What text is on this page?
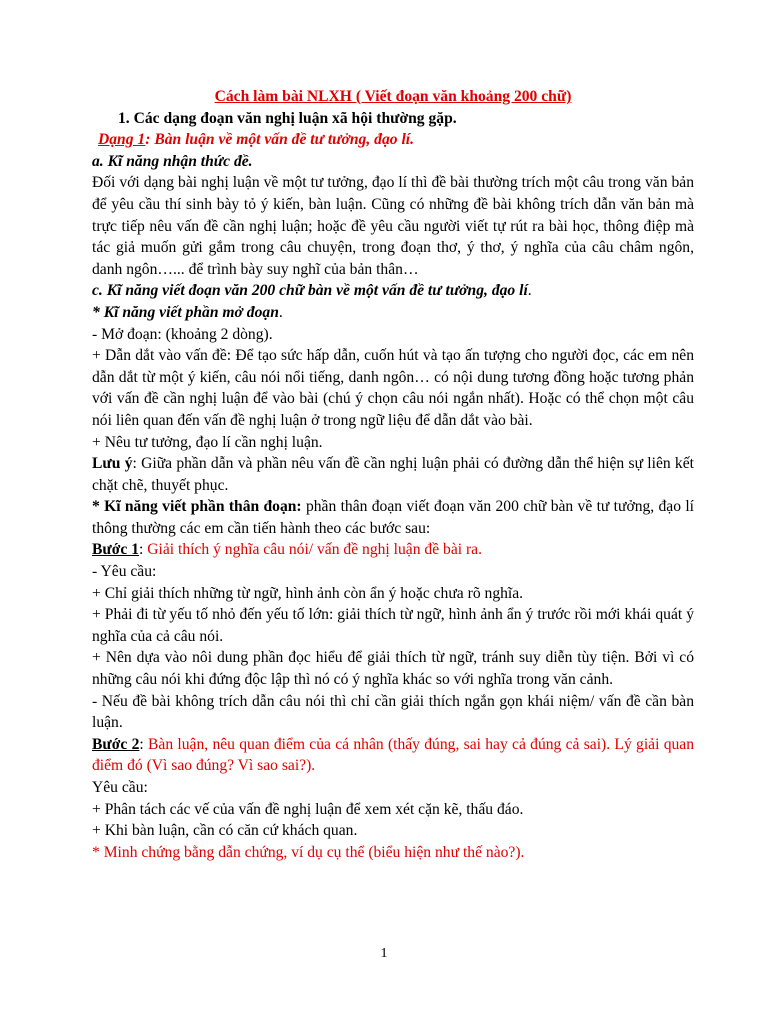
Cách làm bài NLXH ( Viết đoạn văn khoảng 200 chữ)

1. Các dạng đoạn văn nghị luận xã hội thường gặp.

Dạng 1: Bàn luận về một vấn đề tư tưởng, đạo lí.

a. Kĩ năng nhận thức đề.

Đối với dạng bài nghị luận về một tư tưởng, đạo lí thì đề bài thường trích một câu trong văn bản để yêu cầu thí sinh bày tỏ ý kiến, bàn luận. Cũng có những đề bài không trích dẫn văn bản mà trực tiếp nêu vấn đề cần nghị luận; hoặc đề yêu cầu người viết tự rút ra bài học, thông điệp mà tác giả muốn gửi gắm trong câu chuyện, trong đoạn thơ, ý thơ, ý nghĩa của câu châm ngôn, danh ngôn…... để trình bày suy nghĩ của bản thân…

c. Kĩ năng viết đoạn văn 200 chữ bàn về một vấn đề tư tưởng, đạo lí.

* Kĩ năng viết phần mở đoạn.

- Mở đoạn: (khoảng 2 dòng).

+ Dẫn dắt vào vấn đề: Để tạo sức hấp dẫn, cuốn hút và tạo ấn tượng cho người đọc, các em nên dẫn dắt từ một ý kiến, câu nói nổi tiếng, danh ngôn… có nội dung tương đồng hoặc tương phản với vấn đề cần nghị luận để vào bài (chú ý chọn câu nói ngắn nhất). Hoặc có thể chọn một câu nói liên quan đến vấn đề nghị luận ở trong ngữ liệu để dẫn dắt vào bài.

+ Nêu tư tưởng, đạo lí cần nghị luận.

Lưu ý: Giữa phần dẫn và phần nêu vấn đề cần nghị luận phải có đường dẫn thể hiện sự liên kết chặt chẽ, thuyết phục.

* Kĩ năng viết phần thân đoạn: phần thân đoạn viết đoạn văn 200 chữ bàn về tư tưởng, đạo lí thông thường các em cần tiến hành theo các bước sau:

Bước 1: Giải thích ý nghĩa câu nói/ vấn đề nghị luận đề bài ra.

- Yêu cầu:

+ Chỉ giải thích những từ ngữ, hình ảnh còn ẩn ý hoặc chưa rõ nghĩa.

+ Phải đi từ yếu tố nhỏ đến yếu tố lớn: giải thích từ ngữ, hình ảnh ẩn ý trước rồi mới khái quát ý nghĩa của cả câu nói.

+ Nên dựa vào nôi dung phần đọc hiểu để giải thích từ ngữ, tránh suy diễn tùy tiện. Bởi vì có những câu nói khi đứng độc lập thì nó có ý nghĩa khác so với nghĩa trong văn cảnh.

- Nếu đề bài không trích dẫn câu nói thì chỉ cần giải thích ngắn gọn khái niệm/ vấn đề cần bàn luận.

Bước 2: Bàn luận, nêu quan điểm của cá nhân (thấy đúng, sai hay cả đúng cả sai). Lý giải quan điểm đó (Vì sao đúng? Vì sao sai?).

Yêu cầu:

+ Phân tách các vế của vấn đề nghị luận để xem xét cặn kẽ, thấu đáo.

+ Khi bàn luận, cần có căn cứ khách quan.

* Minh chứng bằng dẫn chứng, ví dụ cụ thể (biểu hiện như thế nào?).

1
